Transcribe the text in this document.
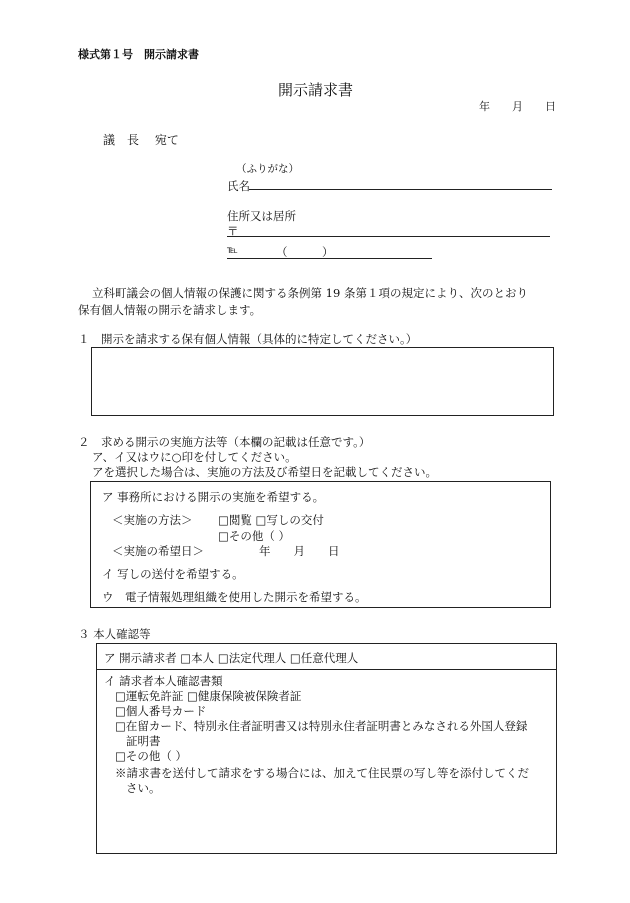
様式第１号　開示請求書
開示請求書
年　　月　　日
議　長　 宛て
（ふりがな）
氏名
住所又は居所
〒
℡	（　　　）
立科町議会の個人情報の保護に関する条例第 19 条第１項の規定により、次のとおり
保有個人情報の開示を請求します。
１　開示を請求する保有個人情報（具体的に特定してください。）
２　求める開示の実施方法等（本欄の記載は任意です。）
ア、イ又はウに○印を付してください。
アを選択した場合は、実施の方法及び希望日を記載してください。
ア 事務所における開示の実施を希望する。
＜実施の方法＞ □閲覧 □写しの交付
□その他（ ）
＜実施の希望日＞	年　　月　　日
イ 写しの送付を希望する。
ウ　電子情報処理組織を使用した開示を希望する。
３ 本人確認等
ア 開示請求者 □本人 □法定代理人 □任意代理人
イ 請求者本人確認書類
□運転免許証 □健康保険被保険者証
□個人番号カード
□在留カード、特別永住者証明書又は特別永住者証明書とみなされる外国人登録
証明書
□その他（ ）
※請求書を送付して請求をする場合には、加えて住民票の写し等を添付してくだ
さい。
